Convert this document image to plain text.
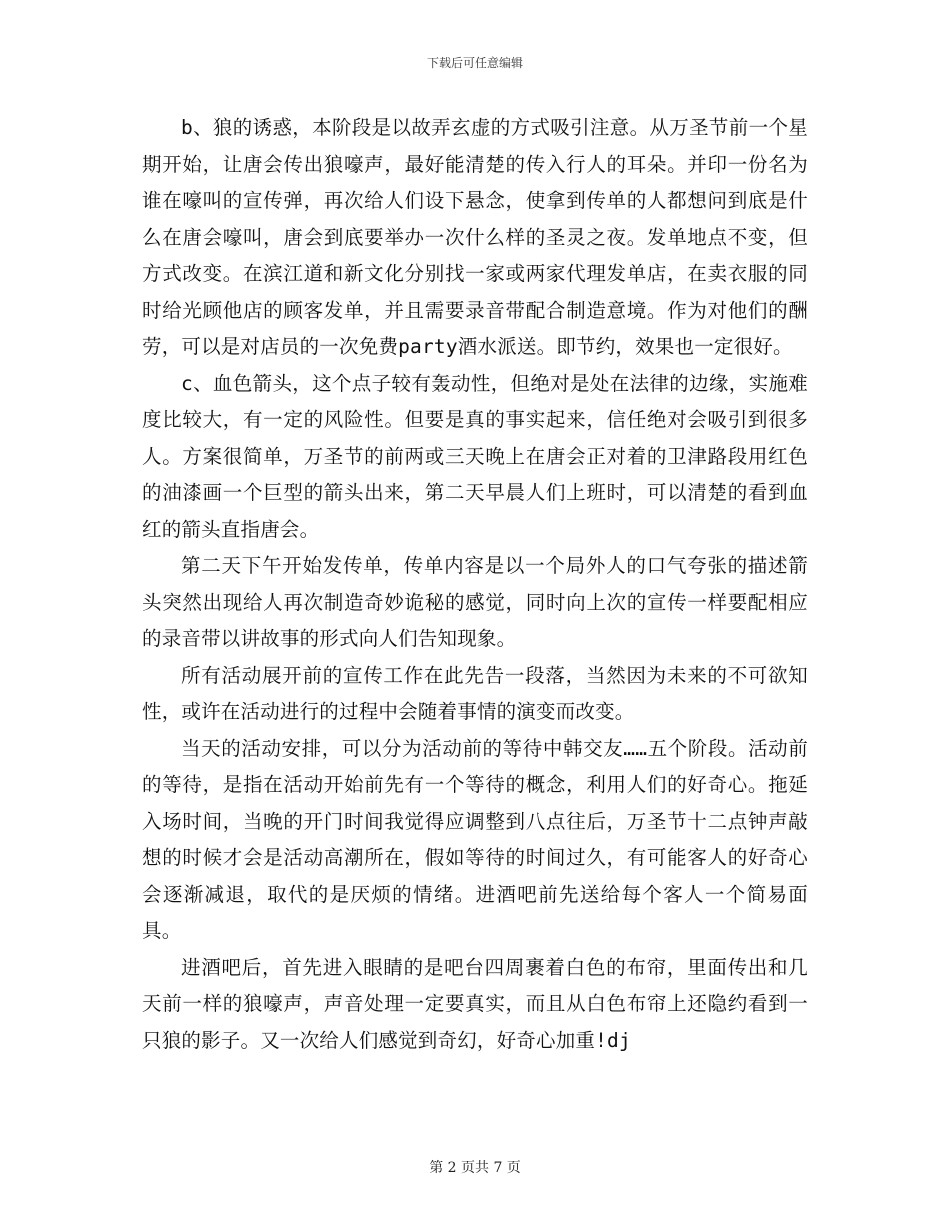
下载后可任意编辑

b、狼的诱惑，本阶段是以故弄玄虚的方式吸引注意。从万圣节前一个星期开始，让唐会传出狼嚎声，最好能清楚的传入行人的耳朵。并印一份名为谁在嚎叫的宣传弹，再次给人们设下悬念，使拿到传单的人都想问到底是什么在唐会嚎叫，唐会到底要举办一次什么样的圣灵之夜。发单地点不变，但方式改变。在滨江道和新文化分别找一家或两家代理发单店，在卖衣服的同时给光顾他店的顾客发单，并且需要录音带配合制造意境。作为对他们的酬劳，可以是对店员的一次免费party酒水派送。即节约，效果也一定很好。

c、血色箭头，这个点子较有轰动性，但绝对是处在法律的边缘，实施难度比较大，有一定的风险性。但要是真的事实起来，信任绝对会吸引到很多人。方案很简单，万圣节的前两或三天晚上在唐会正对着的卫津路段用红色的油漆画一个巨型的箭头出来，第二天早晨人们上班时，可以清楚的看到血红的箭头直指唐会。

第二天下午开始发传单，传单内容是以一个局外人的口气夸张的描述箭头突然出现给人再次制造奇妙诡秘的感觉，同时向上次的宣传一样要配相应的录音带以讲故事的形式向人们告知现象。

所有活动展开前的宣传工作在此先告一段落，当然因为未来的不可欲知性，或许在活动进行的过程中会随着事情的演变而改变。

当天的活动安排，可以分为活动前的等待中韩交友……五个阶段。活动前的等待，是指在活动开始前先有一个等待的概念，利用人们的好奇心。拖延入场时间，当晚的开门时间我觉得应调整到八点往后，万圣节十二点钟声敲想的时候才会是活动高潮所在，假如等待的时间过久，有可能客人的好奇心会逐渐减退，取代的是厌烦的情绪。进酒吧前先送给每个客人一个简易面具。

进酒吧后，首先进入眼睛的是吧台四周裹着白色的布帘，里面传出和几天前一样的狼嚎声，声音处理一定要真实，而且从白色布帘上还隐约看到一只狼的影子。又一次给人们感觉到奇幻，好奇心加重!dj

第 2 页共 7 页
